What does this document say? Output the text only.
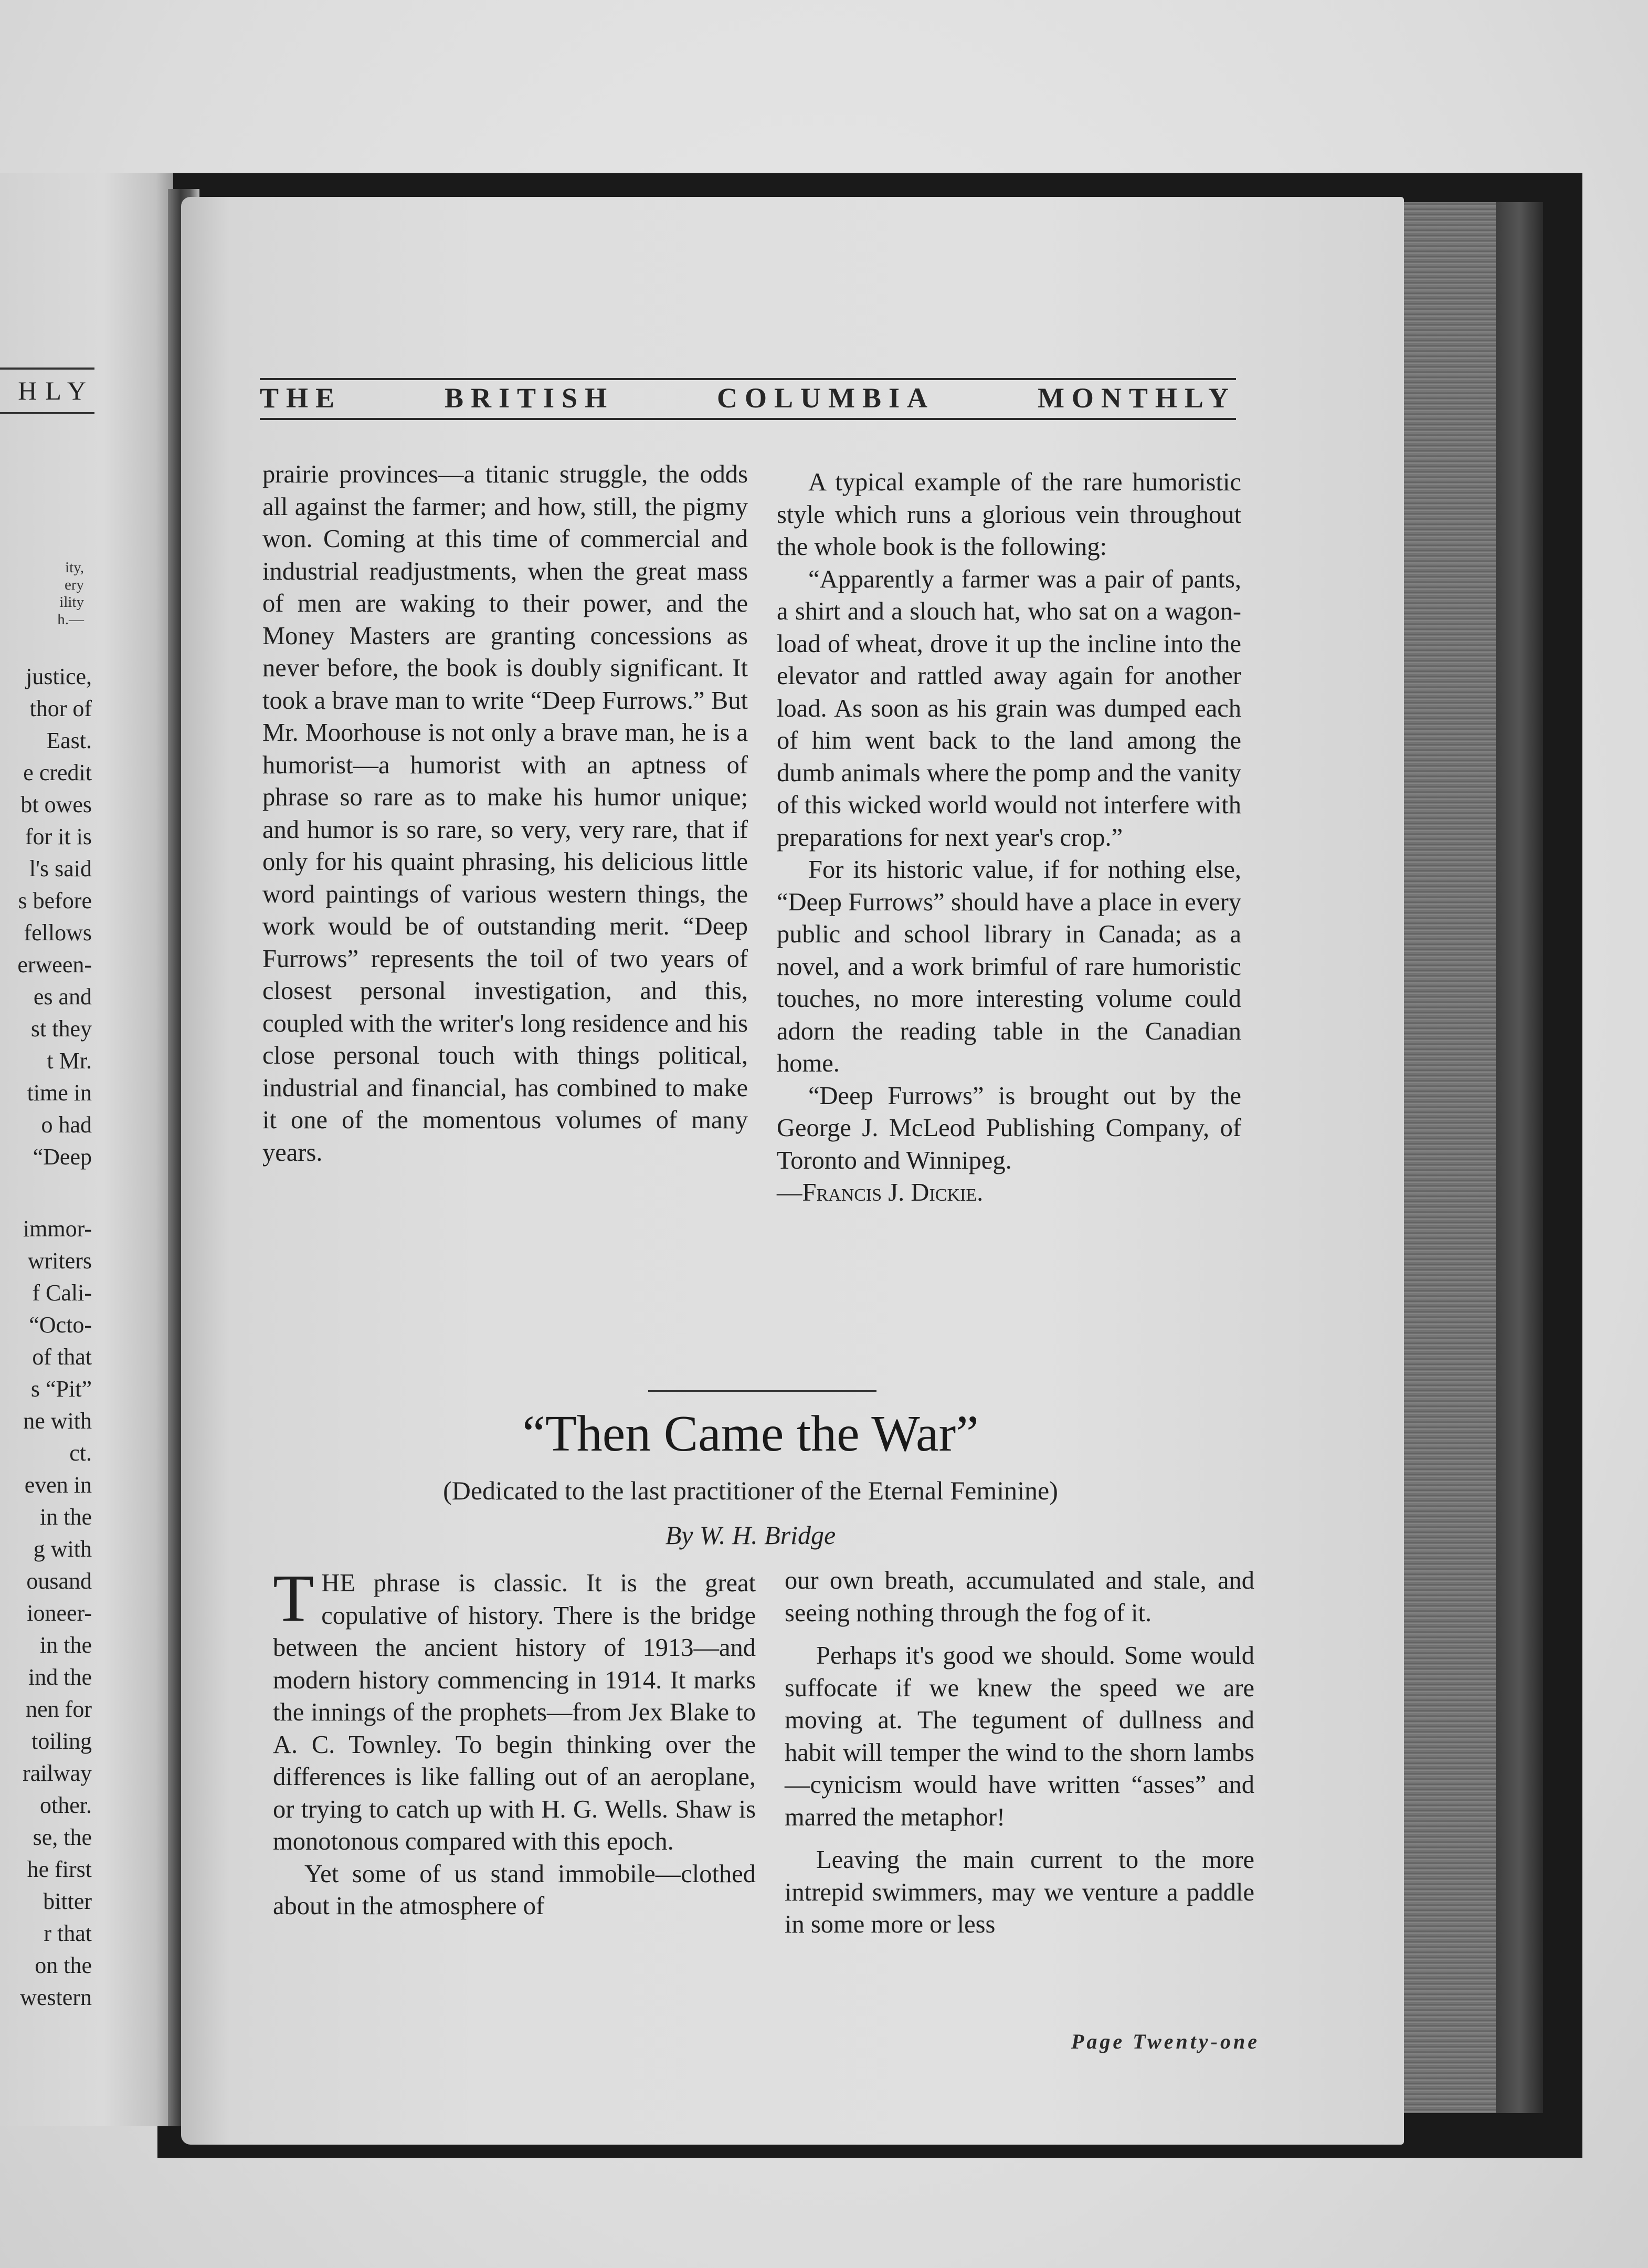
HLY
ity,
ery
ility
h.—
justice,
thor of
East.
e credit
bt owes
for it is
l's said
s before
fellows
erween-
es and
st they
t Mr.
time in
o had
“Deep
immor-
writers
f Cali-
“Octo-
of that
s “Pit”
ne with
ct.
even in
in the
g with
ousand
ioneer-
in the
ind the
nen for
toiling
railway
other.
se, the
he first
bitter
r that
on the
western
THE	BRITISH	COLUMBIA	MONTHLY

prairie provinces—a titanic struggle, the odds all against the farmer; and how, still, the pigmy won. Coming at this time of commercial and industrial readjustments, when the great mass of men are waking to their power, and the Money Masters are granting concessions as never before, the book is doubly significant. It took a brave man to write “Deep Furrows.” But Mr. Moorhouse is not only a brave man, he is a humorist—a humorist with an aptness of phrase so rare as to make his humor unique; and humor is so rare, so very, very rare, that if only for his quaint phrasing, his delicious little word paintings of various western things, the work would be of outstanding merit. “Deep Furrows” represents the toil of two years of closest personal investigation, and this, coupled with the writer's long residence and his close personal touch with things political, industrial and financial, has combined to make it one of the momentous volumes of many years.

A typical example of the rare humoristic style which runs a glorious vein throughout the whole book is the following:

“Apparently a farmer was a pair of pants, a shirt and a slouch hat, who sat on a wagon-load of wheat, drove it up the incline into the elevator and rattled away again for another load. As soon as his grain was dumped each of him went back to the land among the dumb animals where the pomp and the vanity of this wicked world would not interfere with preparations for next year's crop.”

For its historic value, if for nothing else, “Deep Furrows” should have a place in every public and school library in Canada; as a novel, and a work brimful of rare humoristic touches, no more interesting volume could adorn the reading table in the Canadian home.

“Deep Furrows” is brought out by the George J. McLeod Publishing Company, of Toronto and Winnipeg.

—Francis J. Dickie.

“Then Came the War”
(Dedicated to the last practitioner of the Eternal Feminine)
By W. H. Bridge

THE phrase is classic. It is the great copulative of history. There is the bridge between the ancient history of 1913—and modern history commencing in 1914. It marks the innings of the prophets—from Jex Blake to A. C. Townley. To begin thinking over the differences is like falling out of an aeroplane, or trying to catch up with H. G. Wells. Shaw is monotonous compared with this epoch.

Yet some of us stand immobile—clothed about in the atmosphere of

our own breath, accumulated and stale, and seeing nothing through the fog of it.

Perhaps it's good we should. Some would suffocate if we knew the speed we are moving at. The tegument of dullness and habit will temper the wind to the shorn lambs—cynicism would have written “asses” and marred the metaphor!

Leaving the main current to the more intrepid swimmers, may we venture a paddle in some more or less

Page Twenty-one
